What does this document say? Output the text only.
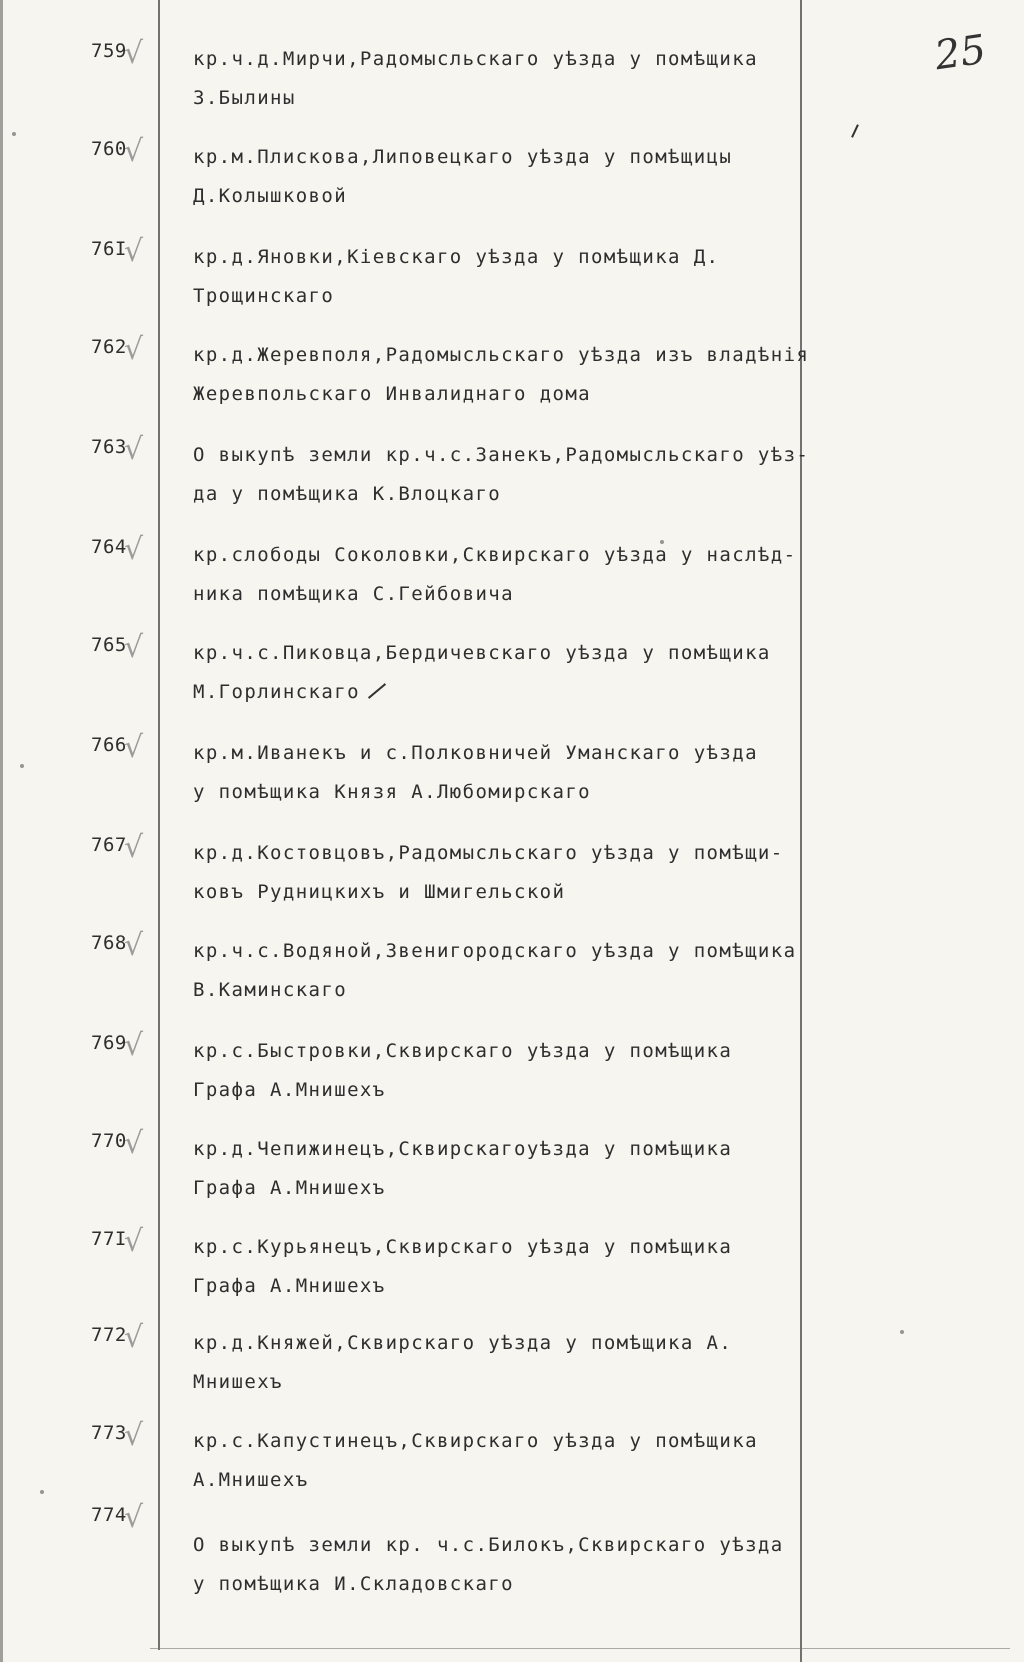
25
759
√	кр.ч.д.Мирчи,Радомысльскаго уѣзда у помѣщика
З.Былины
760
√	кр.м.Плискова,Липовецкаго уѣзда у помѣщицы
Д.Колышковой
76I
√	кр.д.Яновки,Кіевскаго уѣзда у помѣщика Д.
Трощинскаго
762
√	кр.д.Жеревполя,Радомысльскаго уѣзда изъ владѣнія
Жеревпольскаго Инвалиднаго дома
763
√	О выкупѣ земли кр.ч.с.Занекъ,Радомысльскаго уѣз-
да у помѣщика К.Влоцкаго
764
√	кр.слободы Соколовки,Сквирскаго уѣзда у наслѣд-
ника помѣщика С.Гейбовича
765
√	кр.ч.с.Пиковца,Бердичевскаго уѣзда у помѣщика
М.Горлинскаго
766
√	кр.м.Иванекъ и с.Полковничей Уманскаго уѣзда
у помѣщика Князя А.Любомирскаго
767
√	кр.д.Костовцовъ,Радомысльскаго уѣзда у помѣщи-
ковъ Рудницкихъ и Шмигельской
768
√	кр.ч.с.Водяной,Звенигородскаго уѣзда у помѣщика
В.Каминскаго
769
√	кр.с.Быстровки,Сквирскаго уѣзда у помѣщика
Графа А.Мнишехъ
770
√	кр.д.Чепижинецъ,Сквирскагоуѣзда у помѣщика
Графа А.Мнишехъ
77I
√	кр.с.Курьянецъ,Сквирскаго уѣзда у помѣщика
Графа А.Мнишехъ
772
√	кр.д.Княжей,Сквирскаго уѣзда у помѣщика А.
Мнишехъ
773
√	кр.с.Капустинецъ,Сквирскаго уѣзда у помѣщика
А.Мнишехъ
774
√
О выкупѣ земли кр. ч.с.Билокъ,Сквирскаго уѣзда
у помѣщика И.Складовскаго
